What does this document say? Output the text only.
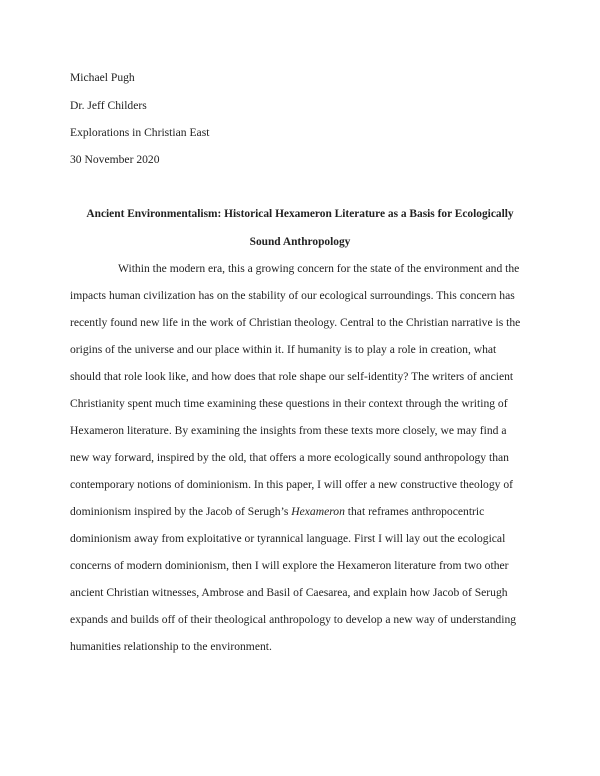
Michael Pugh
Dr. Jeff Childers
Explorations in Christian East
30 November 2020
Ancient Environmentalism: Historical Hexameron Literature as a Basis for Ecologically
Sound Anthropology
Within the modern era, this a growing concern for the state of the environment and the
impacts human civilization has on the stability of our ecological surroundings. This concern has
recently found new life in the work of Christian theology. Central to the Christian narrative is the
origins of the universe and our place within it. If humanity is to play a role in creation, what
should that role look like, and how does that role shape our self-identity? The writers of ancient
Christianity spent much time examining these questions in their context through the writing of
Hexameron literature. By examining the insights from these texts more closely, we may find a
new way forward, inspired by the old, that offers a more ecologically sound anthropology than
contemporary notions of dominionism. In this paper, I will offer a new constructive theology of
dominionism inspired by the Jacob of Serugh’s Hexameron that reframes anthropocentric
dominionism away from exploitative or tyrannical language. First I will lay out the ecological
concerns of modern dominionism, then I will explore the Hexameron literature from two other
ancient Christian witnesses, Ambrose and Basil of Caesarea, and explain how Jacob of Serugh
expands and builds off of their theological anthropology to develop a new way of understanding
humanities relationship to the environment.
